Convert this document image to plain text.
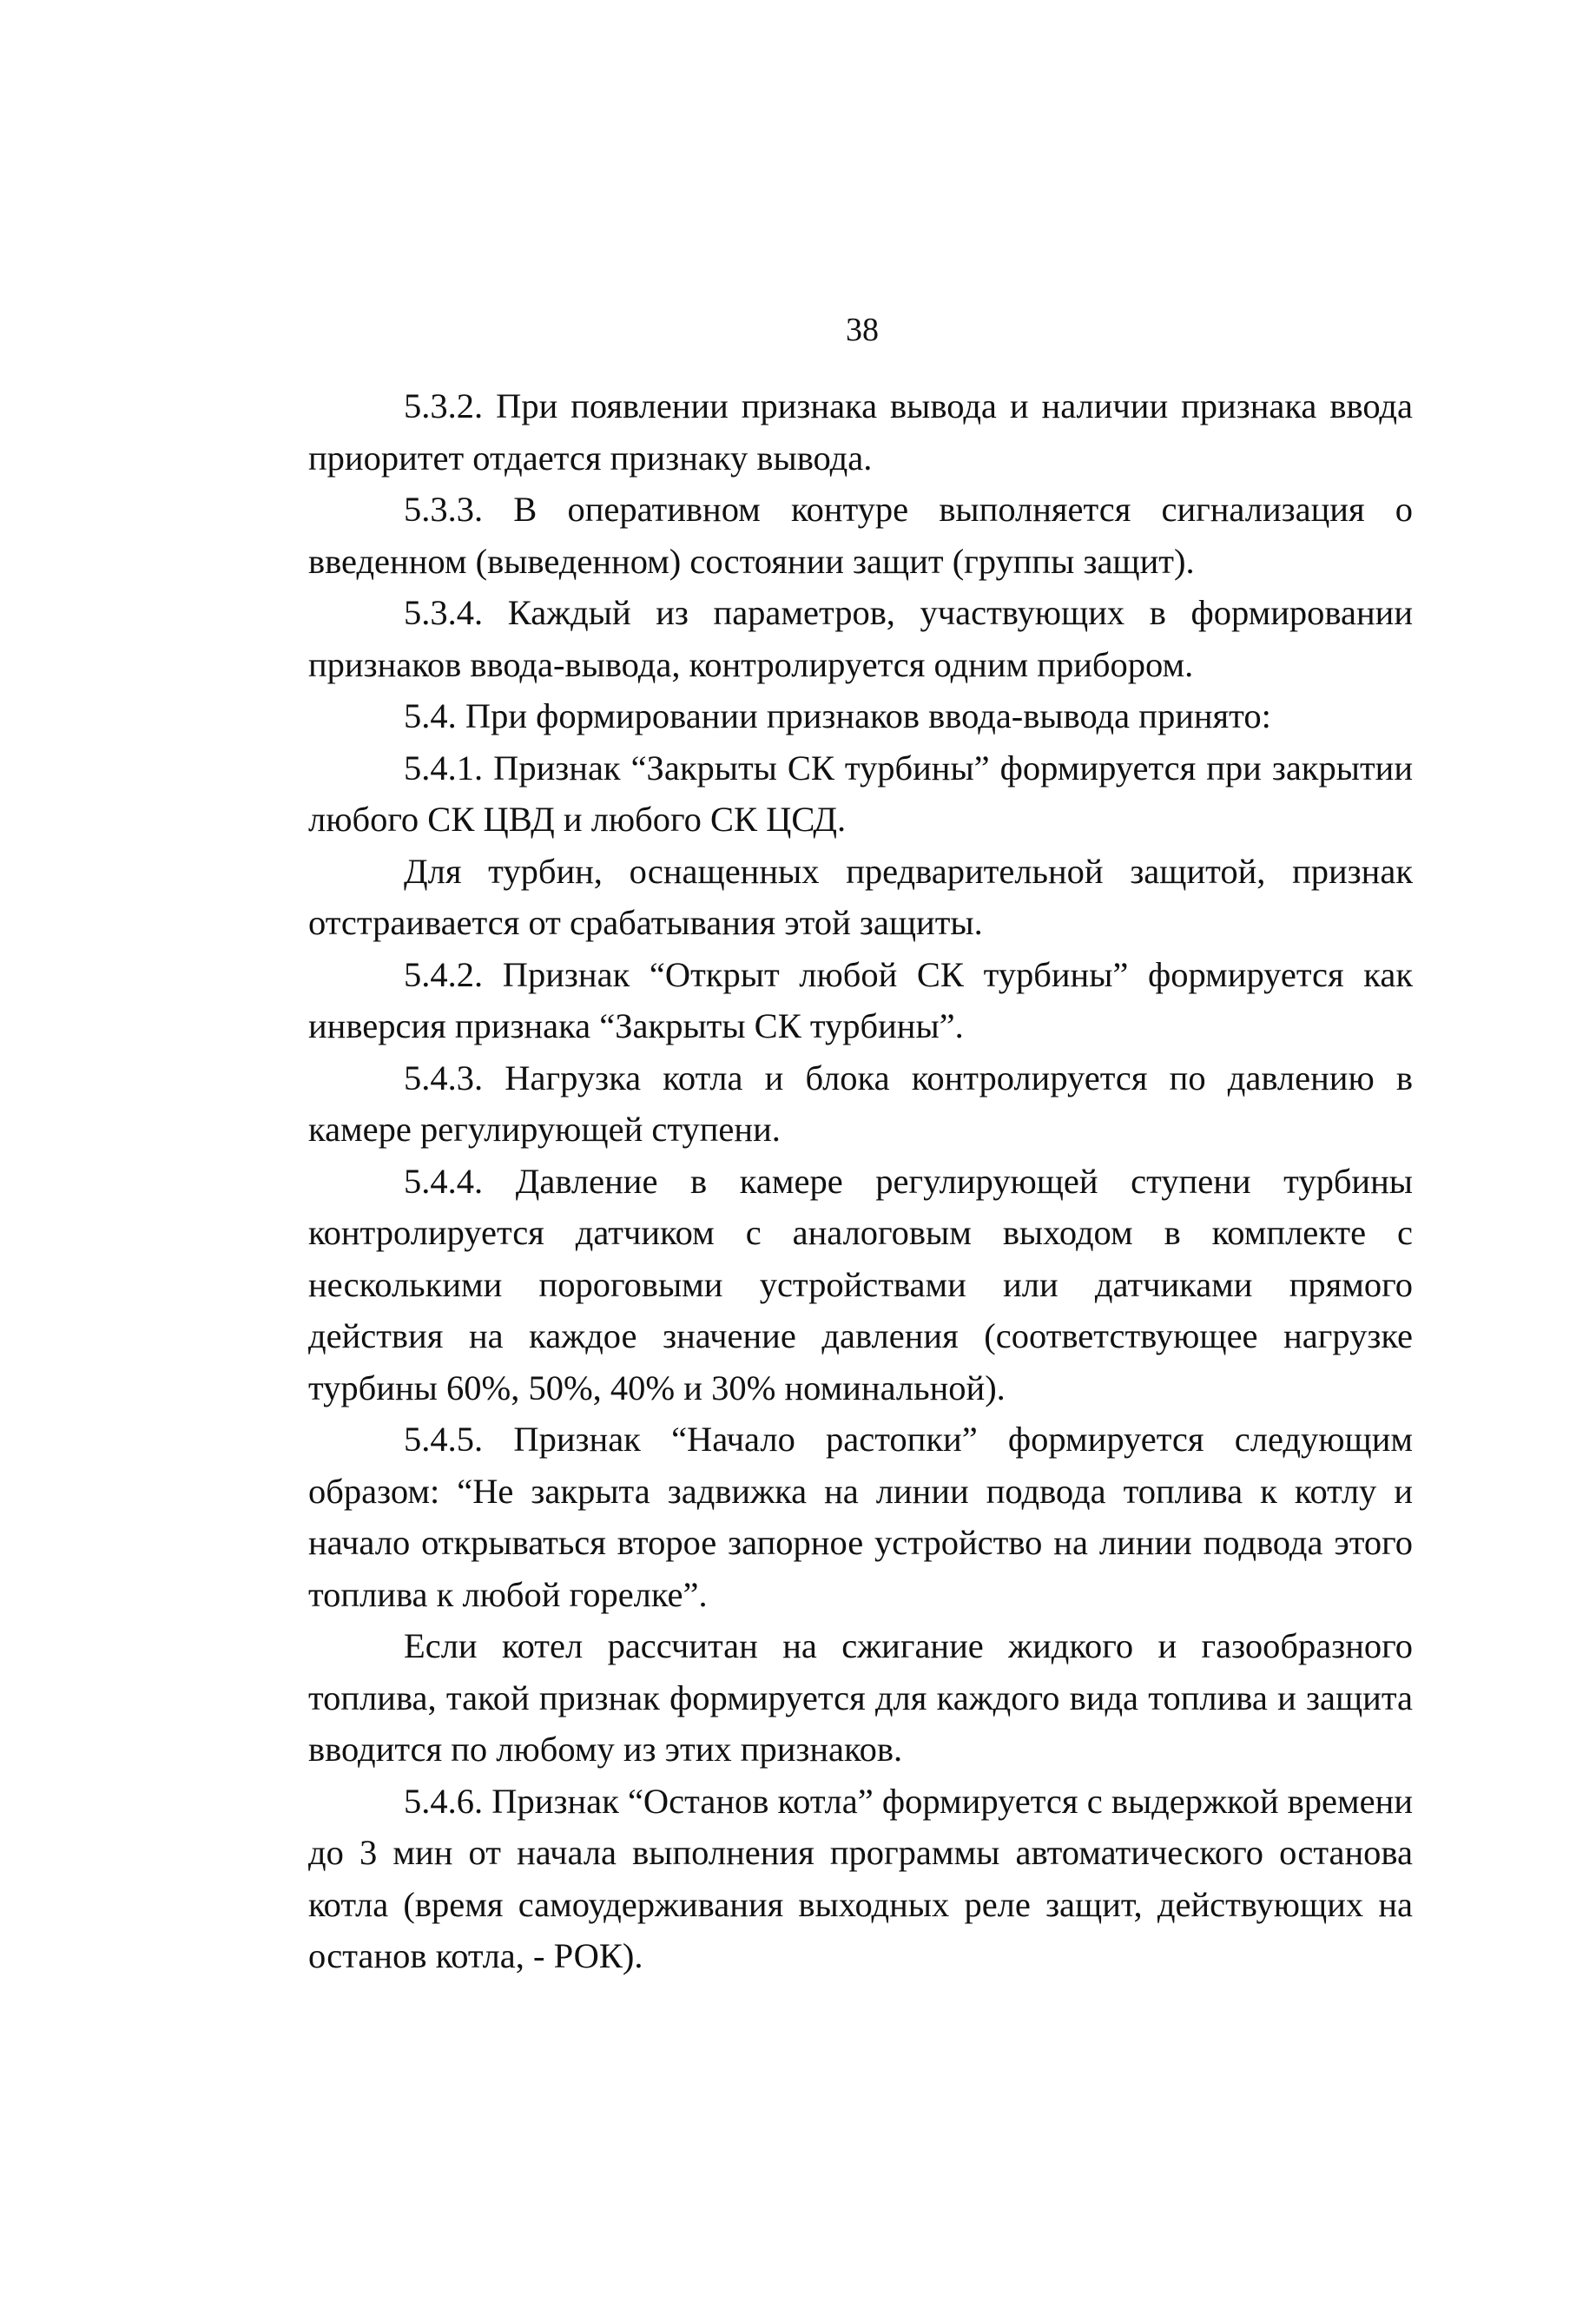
38

5.3.2. При появлении признака вывода и наличии признака ввода приоритет отдается признаку вывода.

5.3.3. В оперативном контуре выполняется сигнализация о введенном (выведенном) состоянии защит (группы защит).

5.3.4. Каждый из параметров, участвующих в формировании признаков ввода-вывода, контролируется одним прибором.

5.4. При формировании признаков ввода-вывода принято:

5.4.1. Признак “Закрыты СК турбины” формируется при закрытии любого СК ЦВД и любого СК ЦСД.

Для турбин, оснащенных предварительной защитой, признак отстраивается от срабатывания этой защиты.

5.4.2. Признак “Открыт любой СК турбины” формируется как инверсия признака “Закрыты СК турбины”.

5.4.3. Нагрузка котла и блока контролируется по давлению в камере регулирующей ступени.

5.4.4. Давление в камере регулирующей ступени турбины контролируется датчиком с аналоговым выходом в комплекте с несколькими пороговыми устройствами или датчиками прямого действия на каждое значение давления (соответствующее нагрузке турбины 60%, 50%, 40% и 30% номинальной).

5.4.5. Признак “Начало растопки” формируется следующим образом: “Не закрыта задвижка на линии подвода топлива к котлу и начало открываться второе запорное устройство на линии подвода этого топлива к любой горелке”.

Если котел рассчитан на сжигание жидкого и газообразного топлива, такой признак формируется для каждого вида топлива и защита вводится по любому из этих признаков.

5.4.6. Признак “Останов котла” формируется с выдержкой времени до 3 мин от начала выполнения программы автоматического останова котла (время самоудерживания выходных реле защит, действующих на останов котла, - РОК).
